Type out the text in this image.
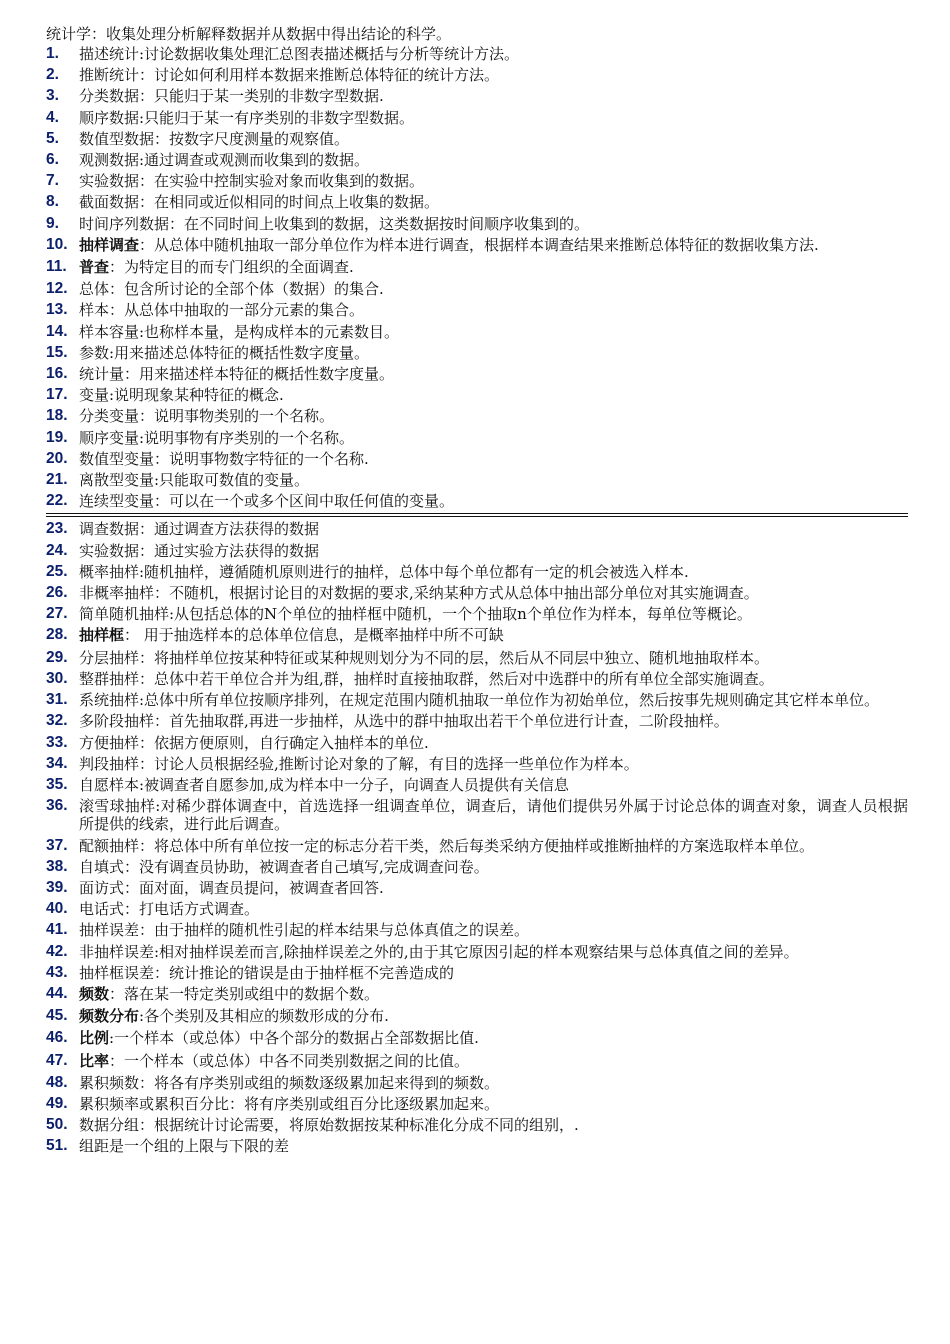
统计学：收集处理分析解释数据并从数据中得出结论的科学。
1.	描述统计:讨论数据收集处理汇总图表描述概括与分析等统计方法。
2.	推断统计：讨论如何利用样本数据来推断总体特征的统计方法。
3.	分类数据：只能归于某一类别的非数字型数据.
4.	顺序数据:只能归于某一有序类别的非数字型数据。
5.	数值型数据：按数字尺度测量的观察值。
6.	观测数据:通过调查或观测而收集到的数据。
7.	实验数据：在实验中控制实验对象而收集到的数据。
8.	截面数据：在相同或近似相同的时间点上收集的数据。
9.	时间序列数据：在不同时间上收集到的数据，这类数据按时间顺序收集到的。
10. 抽样调查：从总体中随机抽取一部分单位作为样本进行调查，根据样本调查结果来推断总体特征的数据收集方法.
11. 普查：为特定目的而专门组织的全面调查.
12. 总体：包含所讨论的全部个体（数据）的集合.
13. 样本：从总体中抽取的一部分元素的集合。
14. 样本容量:也称样本量，是构成样本的元素数目。
15. 参数:用来描述总体特征的概括性数字度量。
16. 统计量：用来描述样本特征的概括性数字度量。
17. 变量:说明现象某种特征的概念.
18. 分类变量：说明事物类别的一个名称。
19. 顺序变量:说明事物有序类别的一个名称。
20. 数值型变量：说明事物数字特征的一个名称.
21. 离散型变量:只能取可数值的变量。
22. 连续型变量：可以在一个或多个区间中取任何值的变量。
23. 调查数据：通过调查方法获得的数据
24. 实验数据：通过实验方法获得的数据
25. 概率抽样:随机抽样，遵循随机原则进行的抽样，总体中每个单位都有一定的机会被选入样本.
26. 非概率抽样：不随机，根据讨论目的对数据的要求,采纳某种方式从总体中抽出部分单位对其实施调查。
27. 简单随机抽样:从包括总体的N个单位的抽样框中随机，一个个抽取n个单位作为样本，每单位等概论。
28. 抽样框： 用于抽选样本的总体单位信息，是概率抽样中所不可缺
29. 分层抽样：将抽样单位按某种特征或某种规则划分为不同的层，然后从不同层中独立、随机地抽取样本。
30. 整群抽样：总体中若干单位合并为组,群，抽样时直接抽取群，然后对中选群中的所有单位全部实施调查。
31. 系统抽样:总体中所有单位按顺序排列，在规定范围内随机抽取一单位作为初始单位，然后按事先规则确定其它样本单位。
32. 多阶段抽样：首先抽取群,再进一步抽样，从选中的群中抽取出若干个单位进行计查，二阶段抽样。
33. 方便抽样：依据方便原则，自行确定入抽样本的单位.
34. 判段抽样：讨论人员根据经验,推断讨论对象的了解，有目的选择一些单位作为样本。
35. 自愿样本:被调查者自愿参加,成为样本中一分子，向调查人员提供有关信息
36. 滚雪球抽样:对稀少群体调查中，首选选择一组调查单位，调查后，请他们提供另外属于讨论总体的调查对象，调查人员根据所提供的线索，进行此后调查。
37. 配额抽样：将总体中所有单位按一定的标志分若干类，然后每类采纳方便抽样或推断抽样的方案选取样本单位。
38. 自填式：没有调查员协助，被调查者自己填写,完成调查问卷。
39. 面访式：面对面，调查员提问，被调查者回答.
40. 电话式：打电话方式调查。
41. 抽样误差：由于抽样的随机性引起的样本结果与总体真值之的误差。
42. 非抽样误差:相对抽样误差而言,除抽样误差之外的,由于其它原因引起的样本观察结果与总体真值之间的差异。
43. 抽样框误差：统计推论的错误是由于抽样框不完善造成的
44. 频数：落在某一特定类别或组中的数据个数。
45. 频数分布:各个类别及其相应的频数形成的分布.
46. 比例:一个样本（或总体）中各个部分的数据占全部数据比值.
47. 比率：一个样本（或总体）中各不同类别数据之间的比值。
48. 累积频数：将各有序类别或组的频数逐级累加起来得到的频数。
49. 累积频率或累积百分比：将有序类别或组百分比逐级累加起来。
50. 数据分组：根据统计讨论需要，将原始数据按某种标准化分成不同的组别，.
51. 组距是一个组的上限与下限的差
